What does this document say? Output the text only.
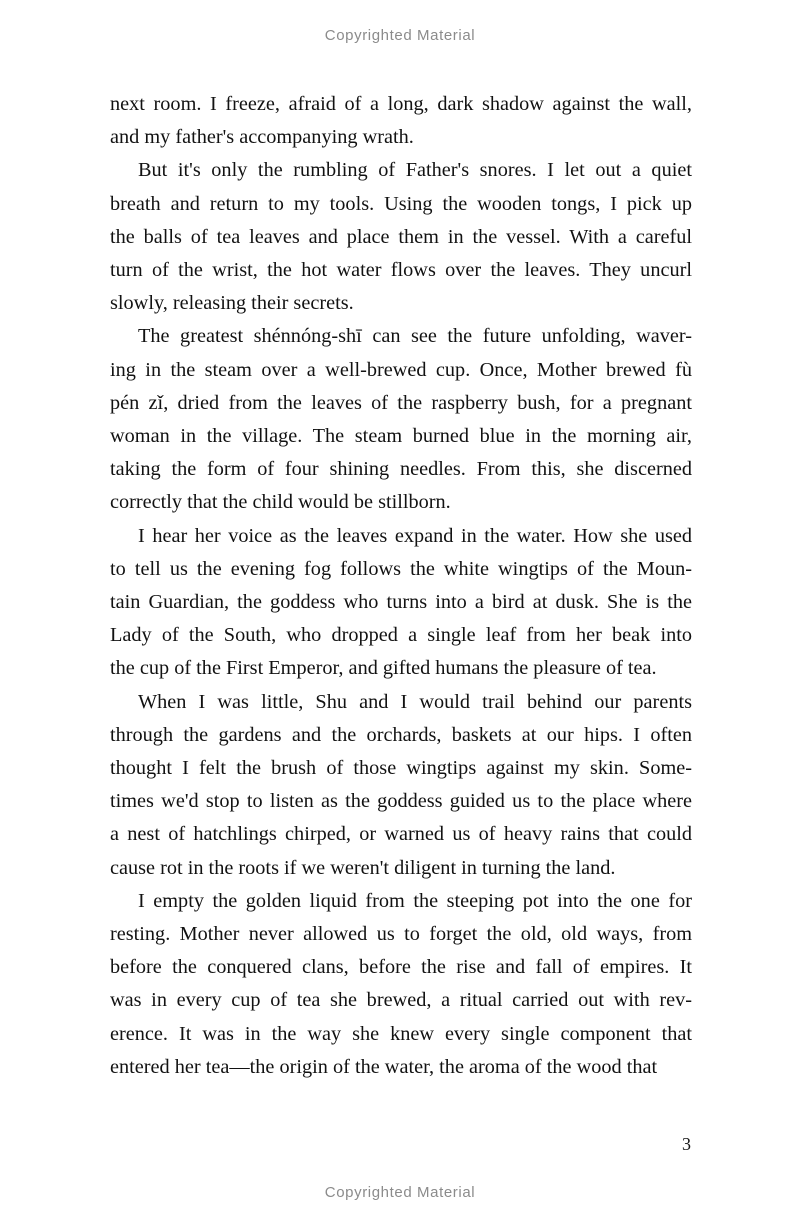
Copyrighted Material

next room. I freeze, afraid of a long, dark shadow against the wall,
and my father's accompanying wrath.

But it's only the rumbling of Father's snores. I let out a quiet
breath and return to my tools. Using the wooden tongs, I pick up
the balls of tea leaves and place them in the vessel. With a careful
turn of the wrist, the hot water flows over the leaves. They uncurl
slowly, releasing their secrets.

The greatest shénnóng-shī can see the future unfolding, waver-
ing in the steam over a well-brewed cup. Once, Mother brewed fù
pén zǐ, dried from the leaves of the raspberry bush, for a pregnant
woman in the village. The steam burned blue in the morning air,
taking the form of four shining needles. From this, she discerned
correctly that the child would be stillborn.

I hear her voice as the leaves expand in the water. How she used
to tell us the evening fog follows the white wingtips of the Moun-
tain Guardian, the goddess who turns into a bird at dusk. She is the
Lady of the South, who dropped a single leaf from her beak into
the cup of the First Emperor, and gifted humans the pleasure of tea.

When I was little, Shu and I would trail behind our parents
through the gardens and the orchards, baskets at our hips. I often
thought I felt the brush of those wingtips against my skin. Some-
times we'd stop to listen as the goddess guided us to the place where
a nest of hatchlings chirped, or warned us of heavy rains that could
cause rot in the roots if we weren't diligent in turning the land.

I empty the golden liquid from the steeping pot into the one for
resting. Mother never allowed us to forget the old, old ways, from
before the conquered clans, before the rise and fall of empires. It
was in every cup of tea she brewed, a ritual carried out with rev-
erence. It was in the way she knew every single component that
entered her tea—the origin of the water, the aroma of the wood that

3
Copyrighted Material
